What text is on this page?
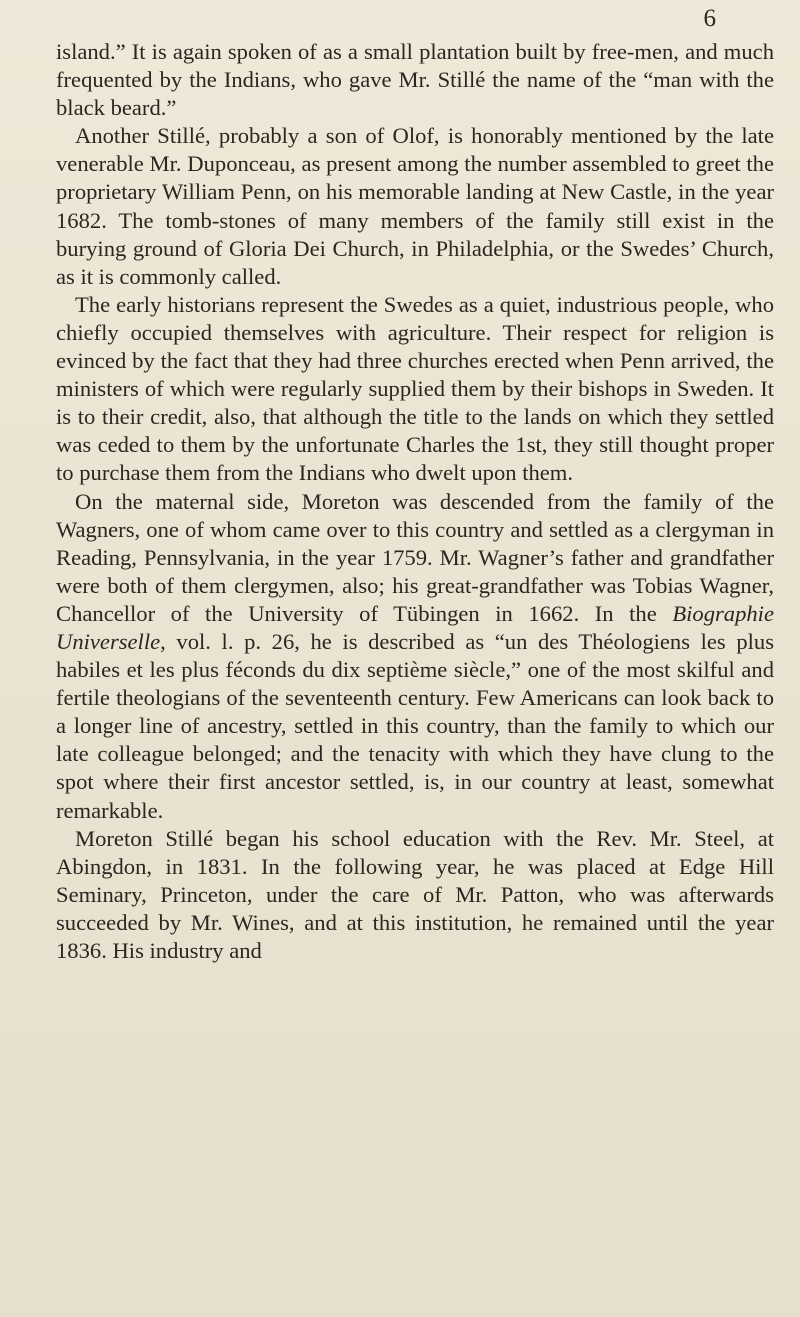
6

island.” It is again spoken of as a small plantation built by free-men, and much frequented by the Indians, who gave Mr. Stillé the name of the “man with the black beard.”

Another Stillé, probably a son of Olof, is honorably mentioned by the late venerable Mr. Duponceau, as present among the number assembled to greet the proprietary William Penn, on his memorable landing at New Castle, in the year 1682. The tomb-stones of many members of the family still exist in the burying ground of Gloria Dei Church, in Philadelphia, or the Swedes’ Church, as it is commonly called.

The early historians represent the Swedes as a quiet, industrious people, who chiefly occupied themselves with agriculture. Their respect for religion is evinced by the fact that they had three churches erected when Penn arrived, the ministers of which were regularly supplied them by their bishops in Sweden. It is to their credit, also, that although the title to the lands on which they settled was ceded to them by the unfortunate Charles the 1st, they still thought proper to purchase them from the Indians who dwelt upon them.

On the maternal side, Moreton was descended from the family of the Wagners, one of whom came over to this country and settled as a clergyman in Reading, Pennsylvania, in the year 1759. Mr. Wagner’s father and grandfather were both of them clergymen, also; his great-grandfather was Tobias Wagner, Chancellor of the University of Tübingen in 1662. In the Biographie Universelle, vol. l. p. 26, he is described as “un des Théologiens les plus habiles et les plus féconds du dix septième siècle,” one of the most skilful and fertile theologians of the seventeenth century. Few Americans can look back to a longer line of ancestry, settled in this country, than the family to which our late colleague belonged; and the tenacity with which they have clung to the spot where their first ancestor settled, is, in our country at least, somewhat remarkable.

Moreton Stillé began his school education with the Rev. Mr. Steel, at Abingdon, in 1831. In the following year, he was placed at Edge Hill Seminary, Princeton, under the care of Mr. Patton, who was afterwards succeeded by Mr. Wines, and at this institution, he remained until the year 1836. His industry and
